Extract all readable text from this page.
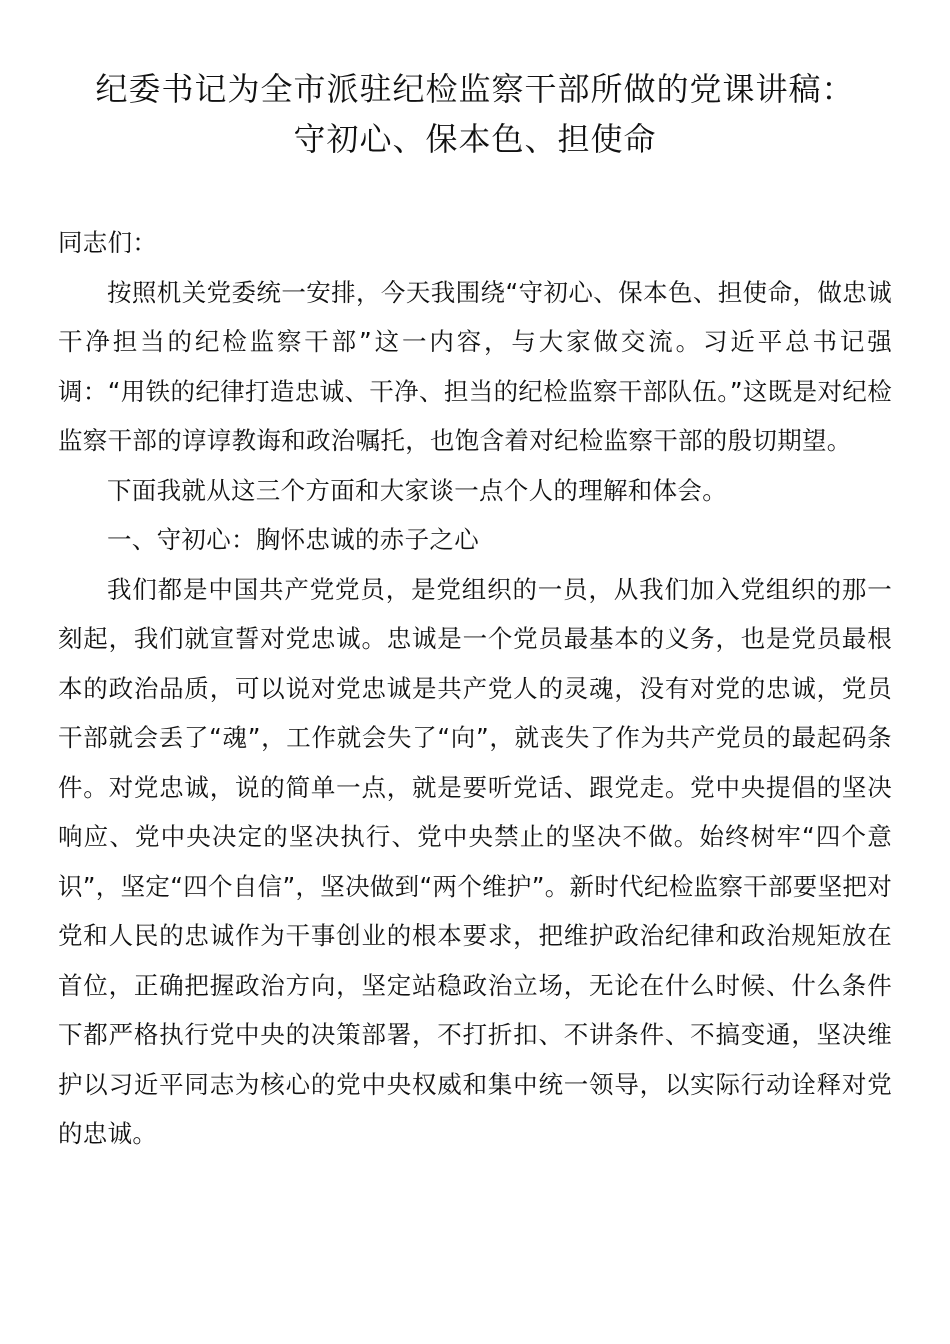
纪委书记为全市派驻纪检监察干部所做的党课讲稿：
守初心、保本色、担使命

同志们：

按照机关党委统一安排，今天我围绕“守初心、保本色、担使命，做忠诚干净担当的纪检监察干部”这一内容，与大家做交流。习近平总书记强调：“用铁的纪律打造忠诚、干净、担当的纪检监察干部队伍。”这既是对纪检监察干部的谆谆教诲和政治嘱托，也饱含着对纪检监察干部的殷切期望。

下面我就从这三个方面和大家谈一点个人的理解和体会。

一、守初心：胸怀忠诚的赤子之心

我们都是中国共产党党员，是党组织的一员，从我们加入党组织的那一刻起，我们就宣誓对党忠诚。忠诚是一个党员最基本的义务，也是党员最根本的政治品质，可以说对党忠诚是共产党人的灵魂，没有对党的忠诚，党员干部就会丢了“魂”，工作就会失了“向”，就丧失了作为共产党员的最起码条件。对党忠诚，说的简单一点，就是要听党话、跟党走。党中央提倡的坚决响应、党中央决定的坚决执行、党中央禁止的坚决不做。始终树牢“四个意识”，坚定“四个自信”，坚决做到“两个维护”。新时代纪检监察干部要坚把对党和人民的忠诚作为干事创业的根本要求，把维护政治纪律和政治规矩放在首位，正确把握政治方向，坚定站稳政治立场，无论在什么时候、什么条件下都严格执行党中央的决策部署，不打折扣、不讲条件、不搞变通，坚决维护以习近平同志为核心的党中央权威和集中统一领导，以实际行动诠释对党的忠诚。
